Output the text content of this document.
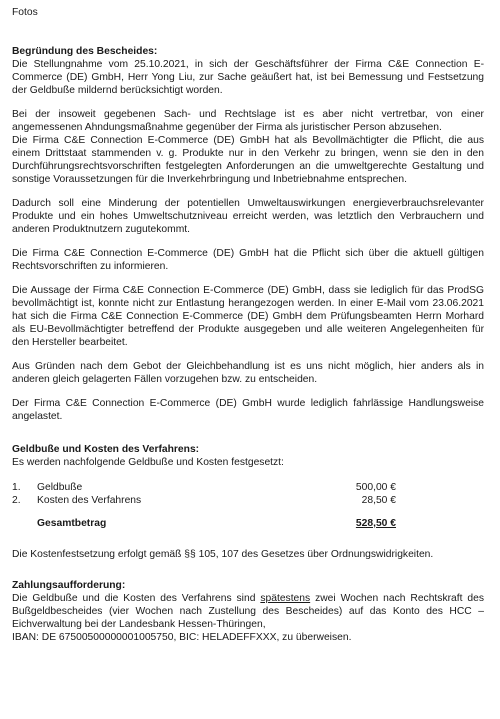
Fotos
Begründung des Bescheides:

Die Stellungnahme vom 25.10.2021, in sich der Geschäftsführer der Firma C&E Connection E-Commerce (DE) GmbH, Herr Yong Liu, zur Sache geäußert hat, ist bei Bemessung und Festsetzung der Geldbuße mildernd berücksichtigt worden.

Bei der insoweit gegebenen Sach- und Rechtslage ist es aber nicht vertretbar, von einer angemessenen Ahndungsmaßnahme gegenüber der Firma als juristischer Person abzusehen.

Die Firma C&E Connection E-Commerce (DE) GmbH hat als Bevollmächtigter die Pflicht, die aus einem Drittstaat stammenden v. g. Produkte nur in den Verkehr zu bringen, wenn sie den in den Durchführungsrechtsvorschriften festgelegten Anforderungen an die umweltgerechte Gestaltung und sonstige Voraussetzungen für die Inverkehrbringung und Inbetriebnahme entsprechen.

Dadurch soll eine Minderung der potentiellen Umweltauswirkungen energieverbrauchsrelevanter Produkte und ein hohes Umweltschutzniveau erreicht werden, was letztlich den Verbrauchern und anderen Produktnutzern zugutekommt.

Die Firma C&E Connection E-Commerce (DE) GmbH hat die Pflicht sich über die aktuell gültigen Rechtsvorschriften zu informieren.

Die Aussage der Firma C&E Connection E-Commerce (DE) GmbH, dass sie lediglich für das ProdSG bevollmächtigt ist, konnte nicht zur Entlastung herangezogen werden. In einer E-Mail vom 23.06.2021 hat sich die Firma C&E Connection E-Commerce (DE) GmbH dem Prüfungsbeamten Herrn Morhard als EU-Bevollmächtigter betreffend der Produkte ausgegeben und alle weiteren Angelegenheiten für den Hersteller bearbeitet.

Aus Gründen nach dem Gebot der Gleichbehandlung ist es uns nicht möglich, hier anders als in anderen gleich gelagerten Fällen vorzugehen bzw. zu entscheiden.

Der Firma C&E Connection E-Commerce (DE) GmbH wurde lediglich fahrlässige Handlungsweise angelastet.

Geldbuße und Kosten des Verfahrens:
Es werden nachfolgende Geldbuße und Kosten festgesetzt:
1.	Geldbuße	500,00 €
2.	Kosten des Verfahrens	28,50 €
Gesamtbetrag		528,50 €

Die Kostenfestsetzung erfolgt gemäß §§ 105, 107 des Gesetzes über Ordnungswidrigkeiten.

Zahlungsaufforderung:

Die Geldbuße und die Kosten des Verfahrens sind spätestens zwei Wochen nach Rechtskraft des Bußgeldbescheides (vier Wochen nach Zustellung des Bescheides) auf das Konto des HCC – Eichverwaltung bei der Landesbank Hessen-Thüringen,

IBAN: DE 67500500000001005750, BIC: HELADEFFXXX, zu überweisen.
